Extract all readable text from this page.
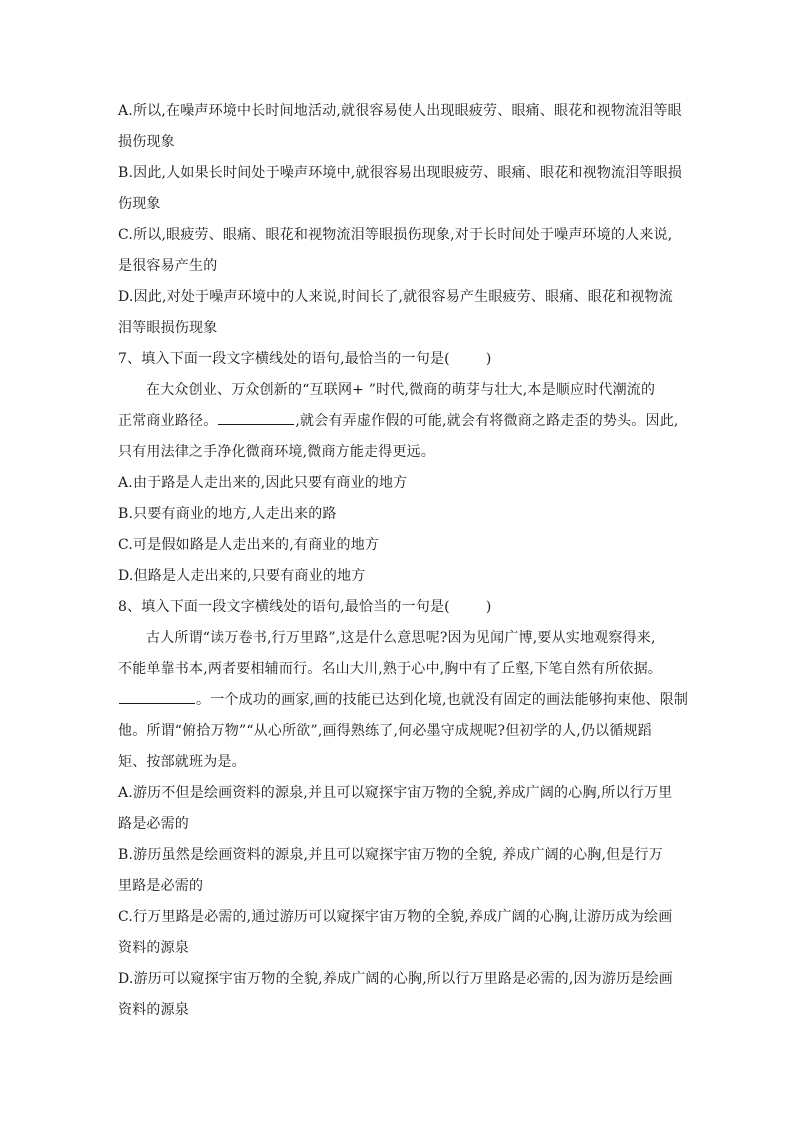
A.所以,在噪声环境中长时间地活动,就很容易使人出现眼疲劳、眼痛、眼花和视物流泪等眼
损伤现象
B.因此,人如果长时间处于噪声环境中,就很容易出现眼疲劳、眼痛、眼花和视物流泪等眼损
伤现象
C.所以,眼疲劳、眼痛、眼花和视物流泪等眼损伤现象,对于长时间处于噪声环境的人来说,
是很容易产生的
D.因此,对处于噪声环境中的人来说,时间长了,就很容易产生眼疲劳、眼痛、眼花和视物流
泪等眼损伤现象
7、填入下面一段文字横线处的语句,最恰当的一句是(	)
在大众创业、万众创新的“互联网+ ”时代,微商的萌芽与壮大,本是顺应时代潮流的
正常商业路径。	,就会有弄虚作假的可能,就会有将微商之路走歪的势头。因此,
只有用法律之手净化微商环境,微商方能走得更远。
A.由于路是人走出来的,因此只要有商业的地方
B.只要有商业的地方,人走出来的路
C.可是假如路是人走出来的,有商业的地方
D.但路是人走出来的,只要有商业的地方
8、填入下面一段文字横线处的语句,最恰当的一句是(	)
古人所谓“读万卷书,行万里路”,这是什么意思呢?因为见闻广博,要从实地观察得来,
不能单靠书本,两者要相辅而行。名山大川,熟于心中,胸中有了丘壑,下笔自然有所依据。
。一个成功的画家,画的技能已达到化境,也就没有固定的画法能够拘束他、限制
他。所谓“俯拾万物”“从心所欲”,画得熟练了,何必墨守成规呢?但初学的人,仍以循规蹈
矩、按部就班为是。
A.游历不但是绘画资料的源泉,并且可以窥探宇宙万物的全貌,养成广阔的心胸,所以行万里
路是必需的
B.游历虽然是绘画资料的源泉,并且可以窥探宇宙万物的全貌, 养成广阔的心胸,但是行万
里路是必需的
C.行万里路是必需的,通过游历可以窥探宇宙万物的全貌,养成广阔的心胸,让游历成为绘画
资料的源泉
D.游历可以窥探宇宙万物的全貌,养成广阔的心胸,所以行万里路是必需的,因为游历是绘画
资料的源泉
